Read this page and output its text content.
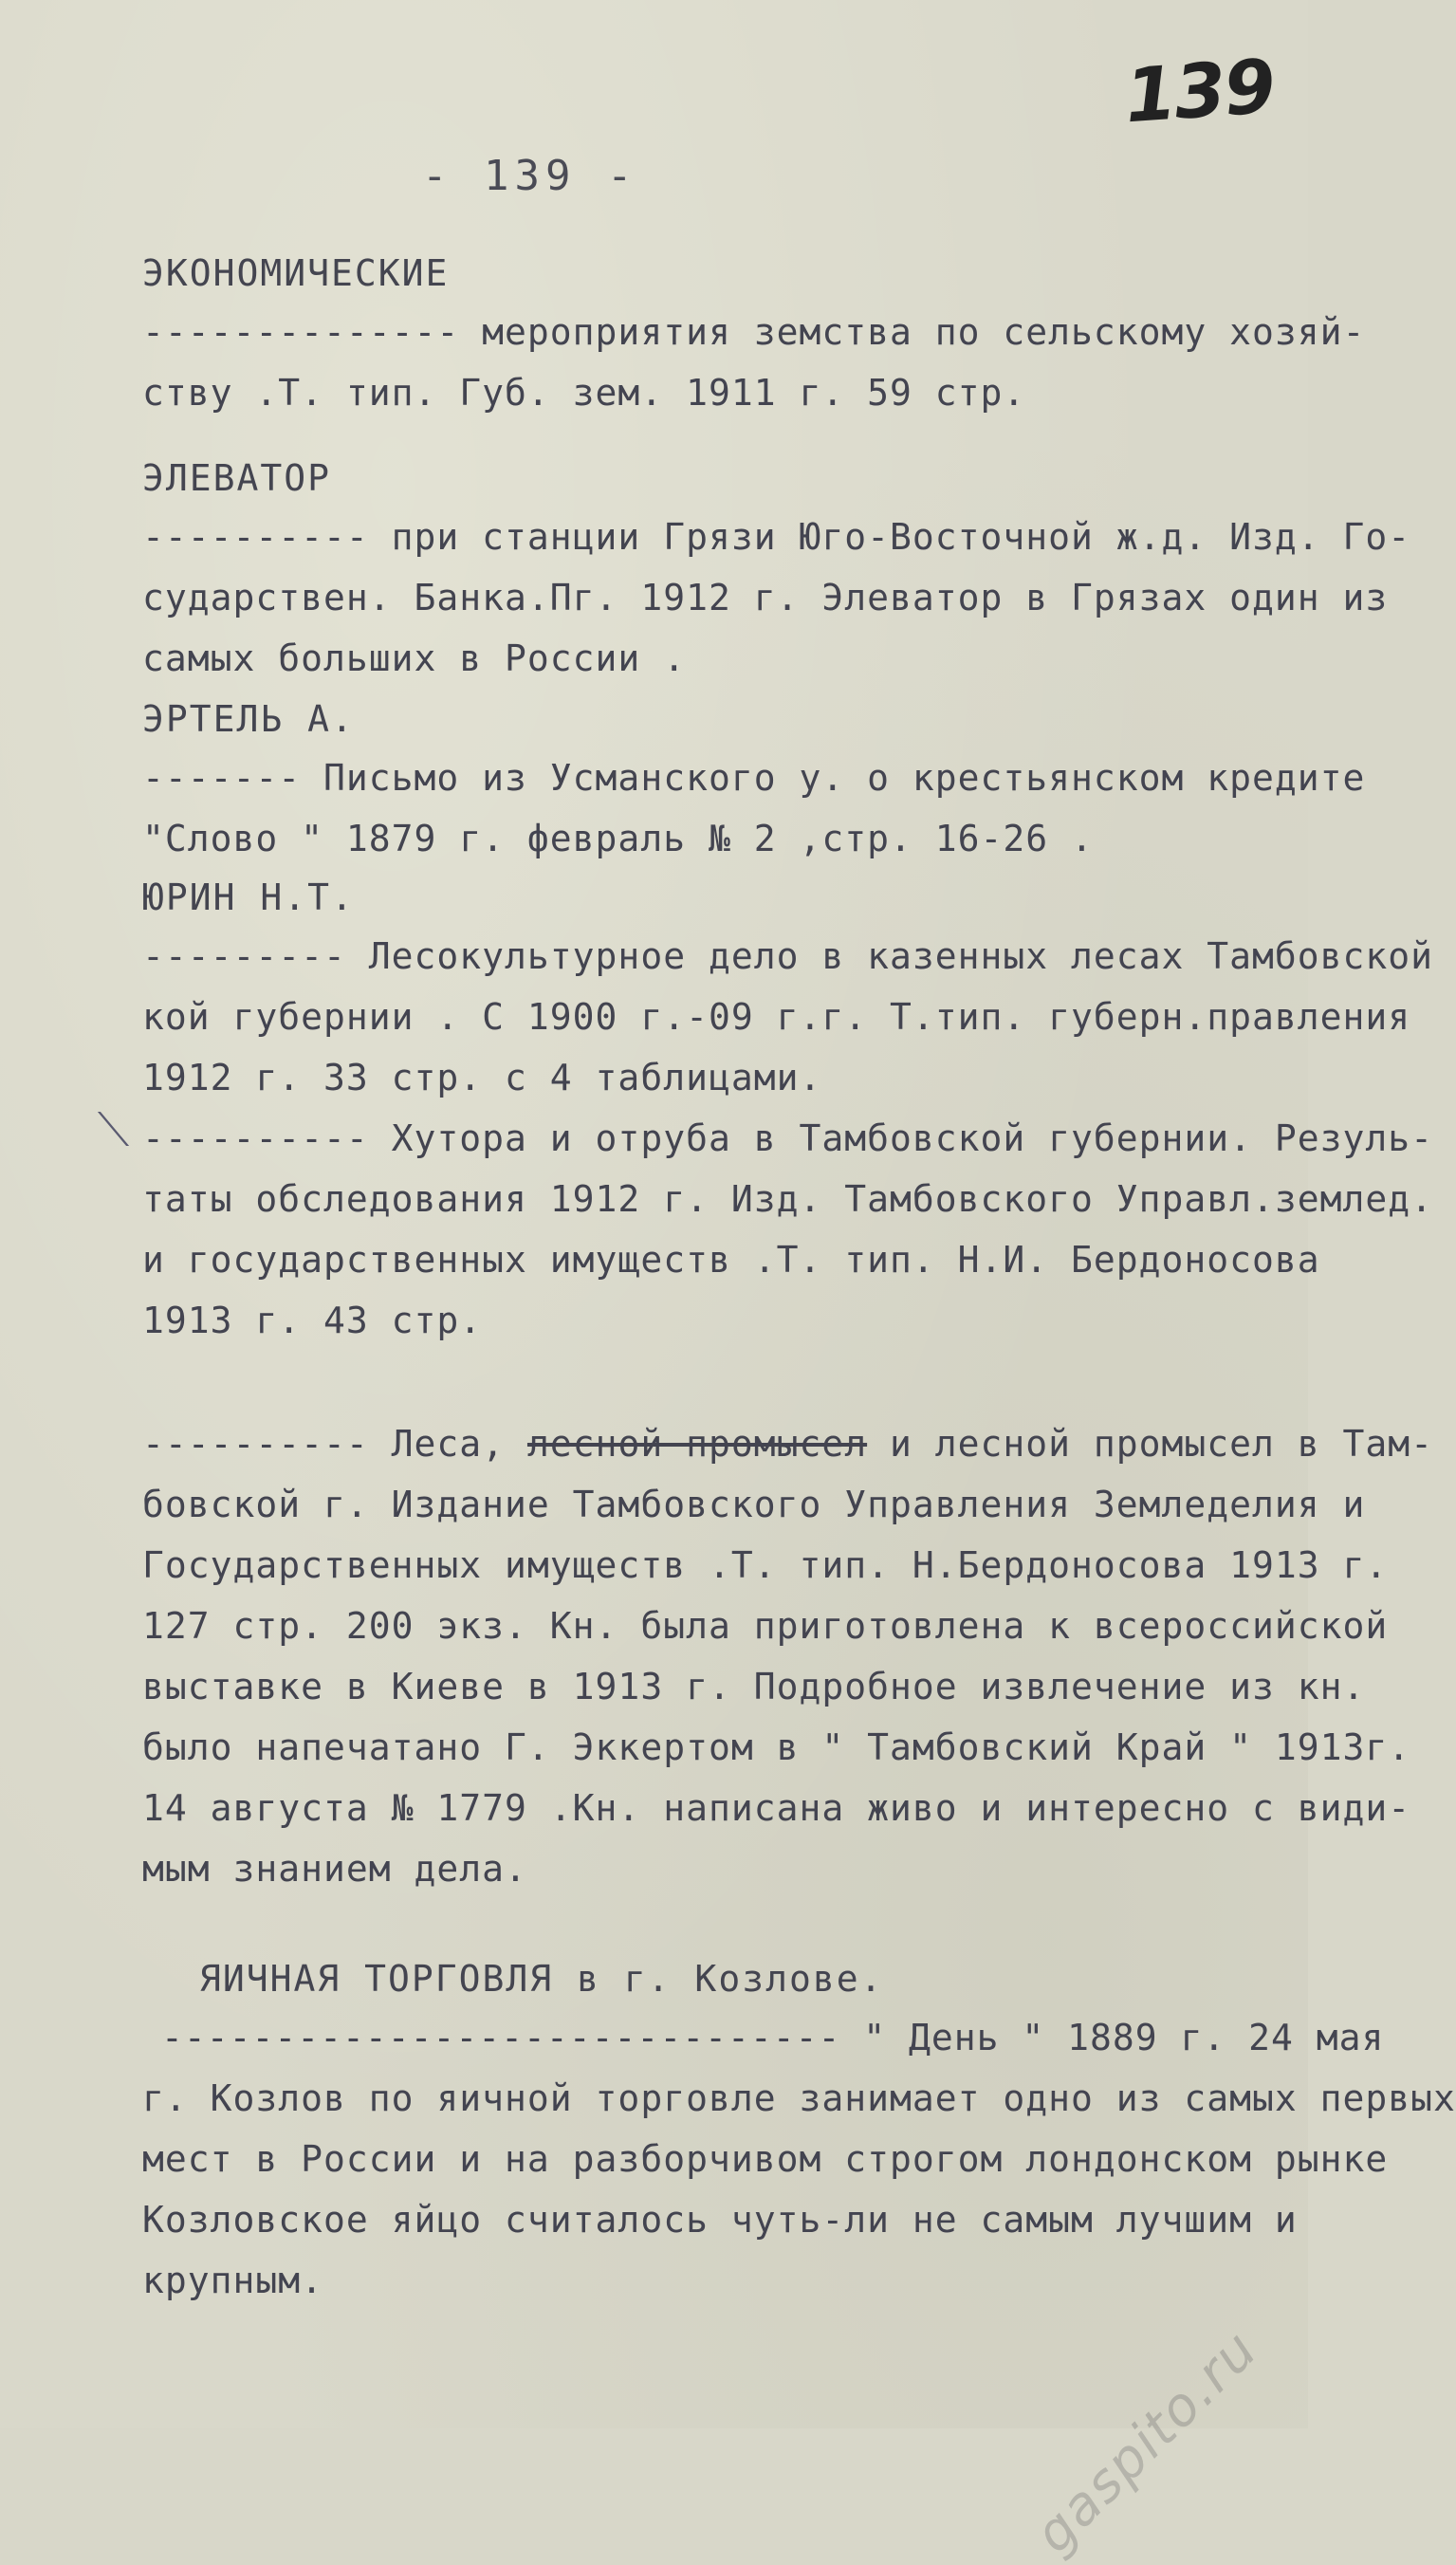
139
- 139 -
ЭКОНОМИЧЕСКИЕ
-------------- мероприятия земства по сельскому хозяй-
ству .Т. тип. Губ. зем. 1911 г. 59 стр.
ЭЛЕВАТОР
---------- при станции Грязи Юго-Восточной ж.д. Изд. Го-
сударствен. Банка.Пг. 1912 г. Элеватор в Грязах один из
самых больших в России .
ЭРТЕЛЬ А.
------- Письмо из Усманского у. о крестьянском кредите
"Слово " 1879 г. февраль № 2 ,стр. 16-26 .
ЮРИН Н.Т.
--------- Лесокультурное дело в казенных лесах Тамбовской
кой губернии . С 1900 г.-09 г.г. Т.тип. губерн.правления
1912 г. 33 стр. с 4 таблицами.
---------- Хутора и отруба в Тамбовской губернии. Резуль-
таты обследования 1912 г. Изд. Тамбовского Управл.землед.
и государственных имуществ .Т. тип. Н.И. Бердоносова
1913 г. 43 стр.
---------- Леса, лесной промысел и лесной промысел в Там-
бовской г. Издание Тамбовского Управления Земледелия и
Государственных имуществ .Т. тип. Н.Бердоносова 1913 г.
127 стр. 200 экз. Кн. была приготовлена к всероссийской
выставке в Киеве в 1913 г. Подробное извлечение из кн.
было напечатано Г. Эккертом в " Тамбовский Край " 1913г.
14 августа № 1779 .Кн. написана живо и интересно с види-
мым знанием дела.
ЯИЧНАЯ ТОРГОВЛЯ в г. Козлове.
------------------------------ " День " 1889 г. 24 мая
г. Козлов по яичной торговле занимает одно из самых первых
мест в России и на разборчивом строгом лондонском рынке
Козловское яйцо считалось чуть-ли не самым лучшим и
крупным.
gaspito.ru
